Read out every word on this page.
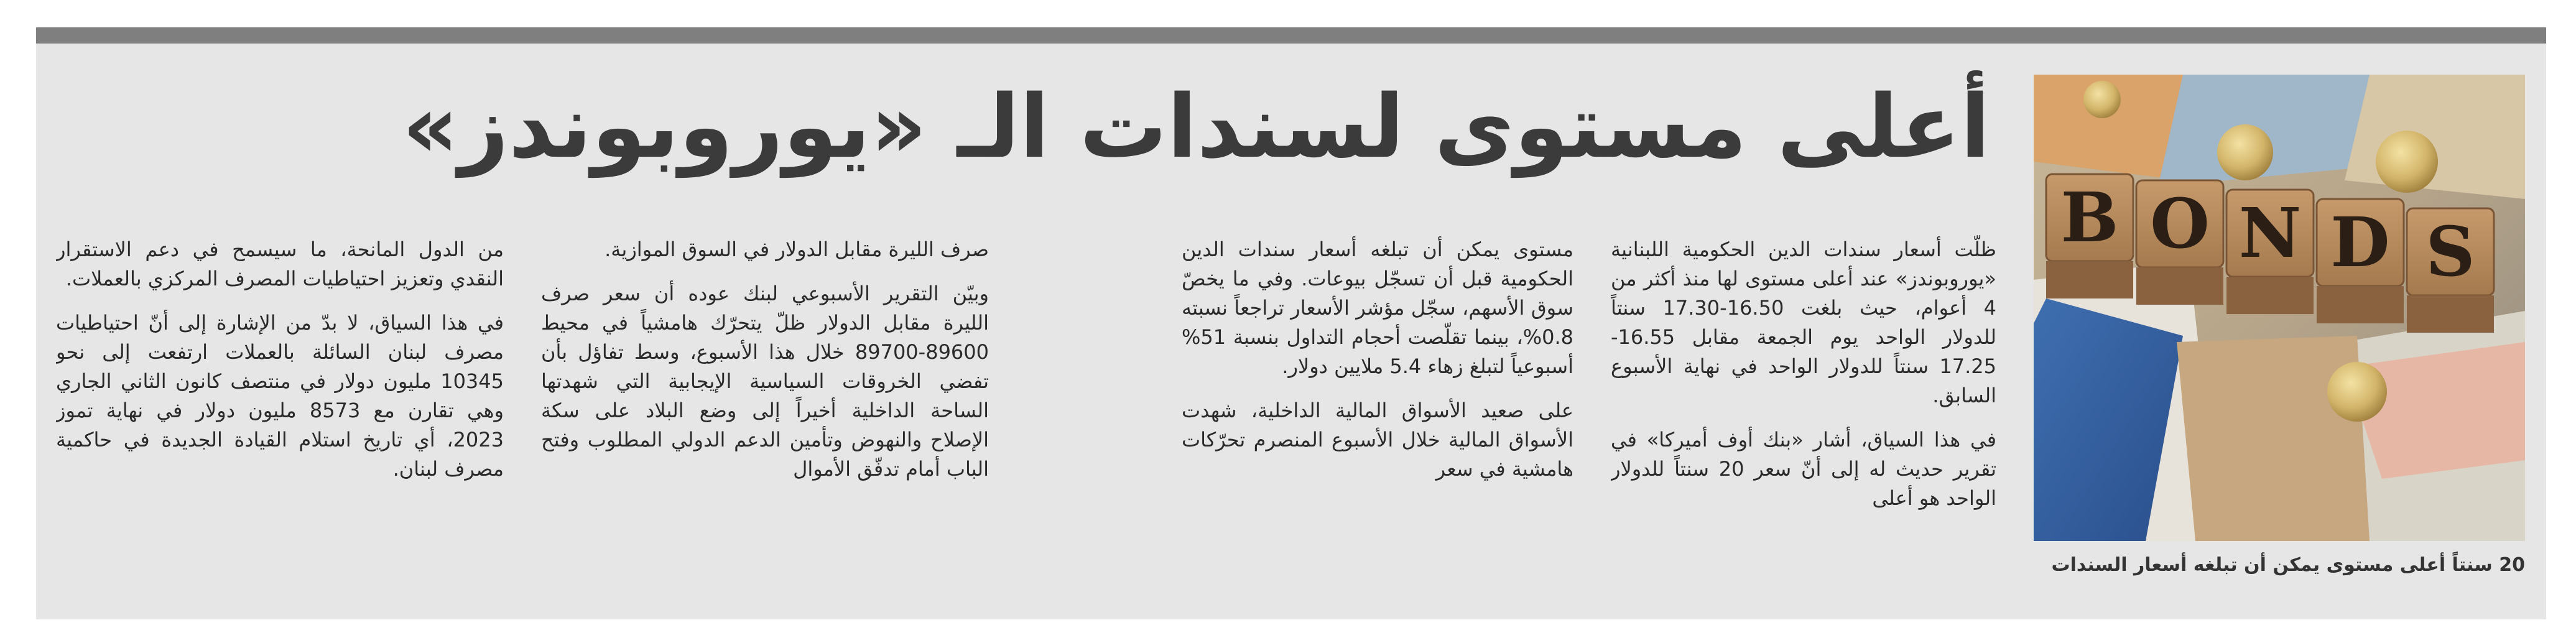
أعلى مستوى لسندات الـ «يوروبوندز»
B O N D S

20 سنتاً أعلى مستوى يمكن أن تبلغه أسعار السندات

ظلّت أسعار سندات الدين الحكومية اللبنانية «يوروبوندز» عند أعلى مستوى لها منذ أكثر من 4 أعوام، حيث بلغت 16.50-17.30 سنتاً للدولار الواحد يوم الجمعة مقابل 16.55-17.25 سنتاً للدولار الواحد في نهاية الأسبوع السابق.

في هذا السياق، أشار «بنك أوف أميركا» في تقرير حديث له إلى أنّ سعر 20 سنتاً للدولار الواحد هو أعلى

مستوى يمكن أن تبلغه أسعار سندات الدين الحكومية قبل أن تسجّل بيوعات. وفي ما يخصّ سوق الأسهم، سجّل مؤشر الأسعار تراجعاً نسبته 0.8%، بينما تقلّصت أحجام التداول بنسبة 51% أسبوعياً لتبلغ زهاء 5.4 ملايين دولار.

على صعيد الأسواق المالية الداخلية، شهدت الأسواق المالية خلال الأسبوع المنصرم تحرّكات هامشية في سعر

صرف الليرة مقابل الدولار في السوق الموازية.

وبيّن التقرير الأسبوعي لبنك عوده أن سعر صرف الليرة مقابل الدولار ظلّ يتحرّك هامشياً في محيط 89600-89700 خلال هذا الأسبوع، وسط تفاؤل بأن تفضي الخروقات السياسية الإيجابية التي شهدتها الساحة الداخلية أخيراً إلى وضع البلاد على سكة الإصلاح والنهوض وتأمين الدعم الدولي المطلوب وفتح الباب أمام تدفّق الأموال

من الدول المانحة، ما سيسمح في دعم الاستقرار النقدي وتعزيز احتياطيات المصرف المركزي بالعملات.

في هذا السياق، لا بدّ من الإشارة إلى أنّ احتياطيات مصرف لبنان السائلة بالعملات ارتفعت إلى نحو 10345 مليون دولار في منتصف كانون الثاني الجاري وهي تقارن مع 8573 مليون دولار في نهاية تموز 2023، أي تاريخ استلام القيادة الجديدة في حاكمية مصرف لبنان.
